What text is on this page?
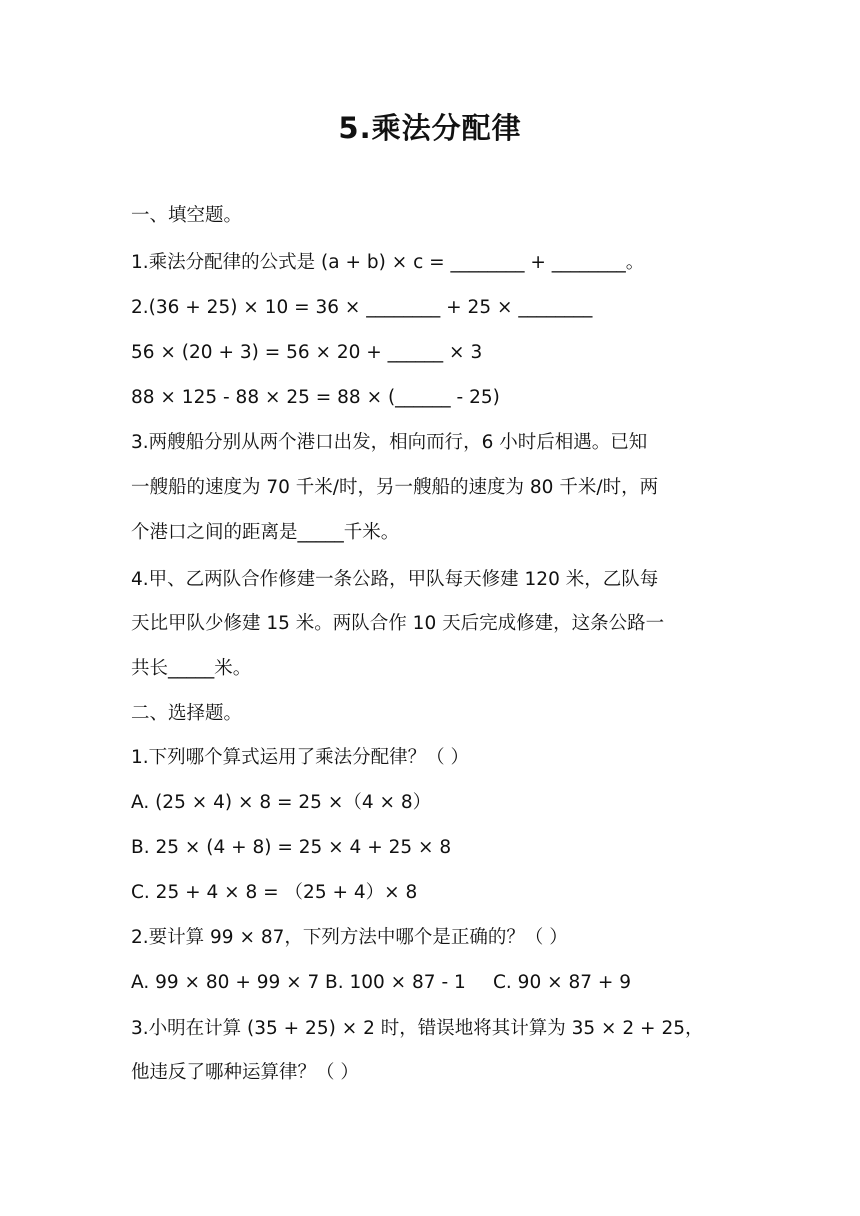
5.乘法分配律
一、填空题。
1.乘法分配律的公式是 (a + b) × c = ________ + ________。
2.(36 + 25) × 10 = 36 × ________ + 25 × ________
56 × (20 + 3) = 56 × 20 + ______ × 3
88 × 125 - 88 × 25 = 88 × (______ - 25)
3.两艘船分别从两个港口出发，相向而行，6 小时后相遇。已知
一艘船的速度为 70 千米/时，另一艘船的速度为 80 千米/时，两
个港口之间的距离是_____千米。
4.甲、乙两队合作修建一条公路，甲队每天修建 120 米，乙队每
天比甲队少修建 15 米。两队合作 10 天后完成修建，这条公路一
共长_____米。
二、选择题。
1.下列哪个算式运用了乘法分配律？（ ）
A. (25 × 4) × 8 = 25 ×（4 × 8）
B. 25 × (4 + 8) = 25 × 4 + 25 × 8
C. 25 + 4 × 8 = （25 + 4）× 8
2.要计算 99 × 87，下列方法中哪个是正确的？（ ）
A. 99 × 80 + 99 × 7 B. 100 × 87 - 1 C. 90 × 87 + 9
3.小明在计算 (35 + 25) × 2 时，错误地将其计算为 35 × 2 + 25，
他违反了哪种运算律？（ ）
